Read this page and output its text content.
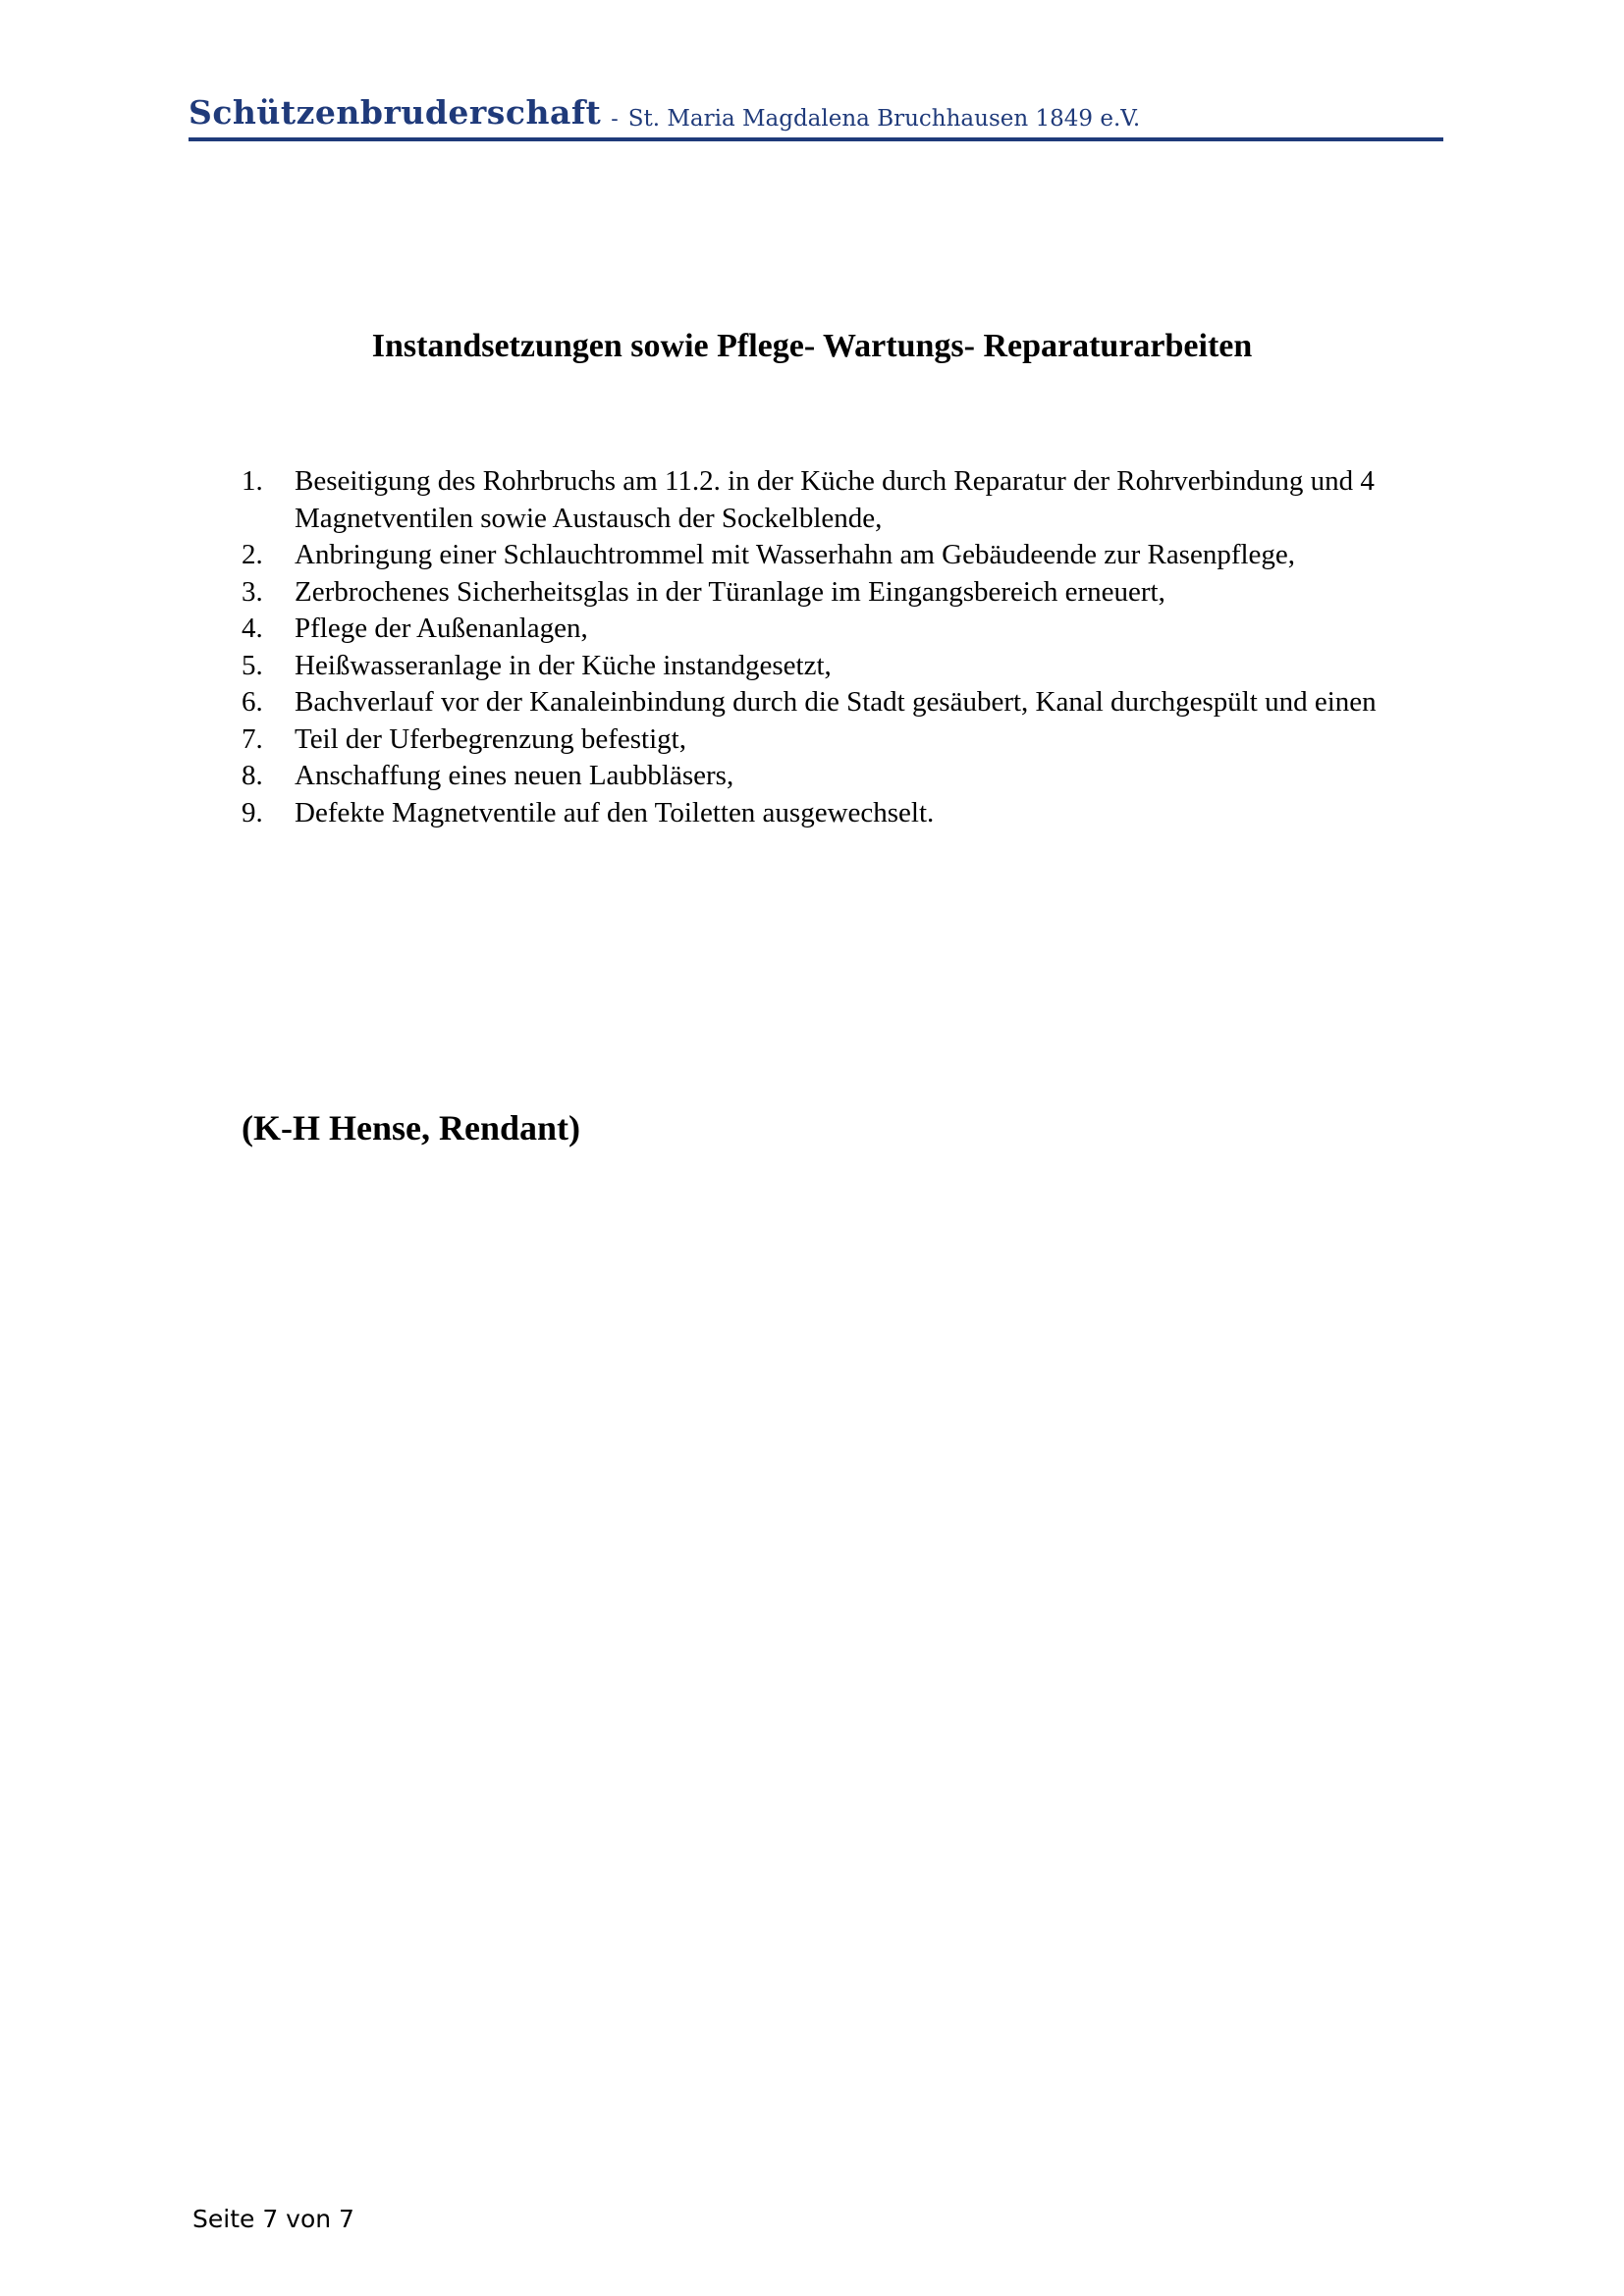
Schützenbruderschaft - St. Maria Magdalena Bruchhausen 1849 e.V.
Instandsetzungen sowie Pflege- Wartungs- Reparaturarbeiten
1.	Beseitigung des Rohrbruchs am 11.2. in der Küche durch Reparatur der Rohrverbindung und 4 Magnetventilen sowie Austausch der Sockelblende,
2.	Anbringung einer Schlauchtrommel mit Wasserhahn am Gebäudeende zur Rasenpflege,
3.	Zerbrochenes Sicherheitsglas in der Türanlage im Eingangsbereich erneuert,
4.	Pflege der Außenanlagen,
5.	Heißwasseranlage in der Küche instandgesetzt,
6.	Bachverlauf vor der Kanaleinbindung durch die Stadt gesäubert, Kanal durchgespült und einen
7.	Teil der Uferbegrenzung befestigt,
8.	Anschaffung eines neuen Laubbläsers,
9.	Defekte Magnetventile auf den Toiletten ausgewechselt.

(K-H Hense, Rendant)

Seite 7 von 7
